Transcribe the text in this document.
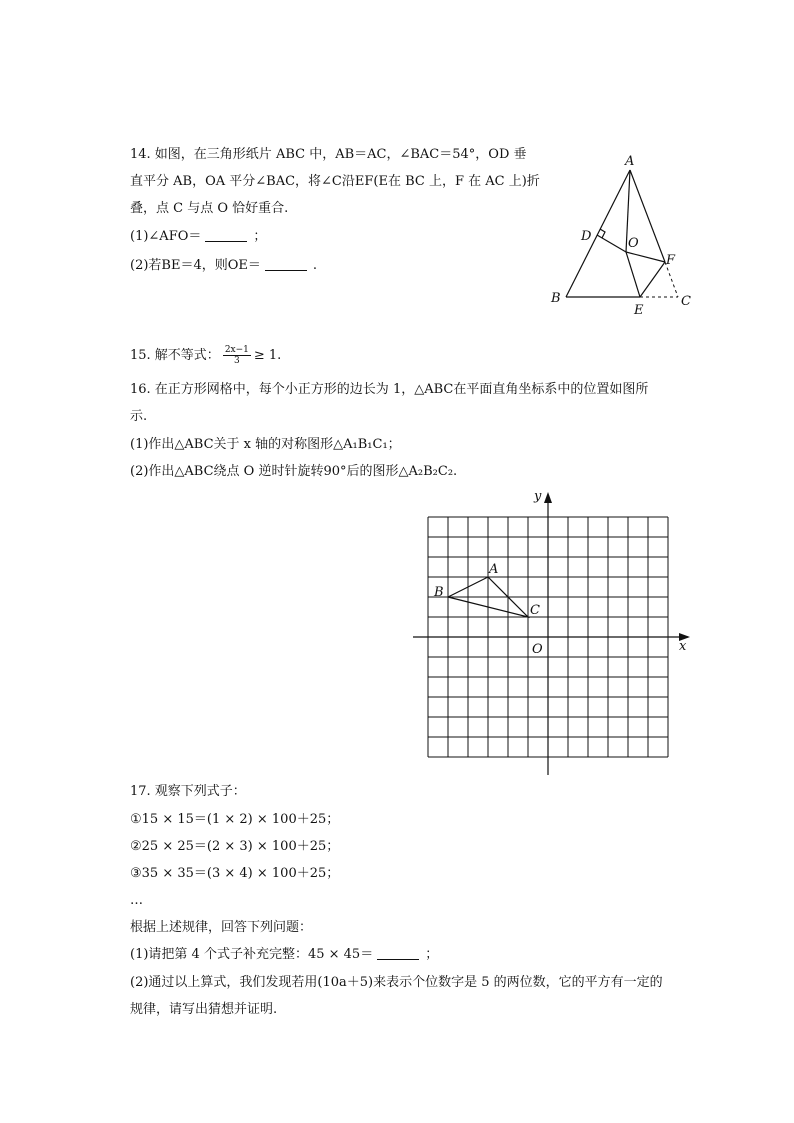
14. 如图，在三角形纸片 ABC 中，AB＝AC，∠BAC＝54°，OD 垂
直平分 AB，OA 平分∠BAC，将∠C沿EF(E在 BC 上，F 在 AC 上)折
叠，点 C 与点 O 恰好重合.
(1)∠AFO＝	；
(2)若BE＝4，则OE＝	.
A
B	C
D
E
F
O
15. 解不等式： $\frac{2x-1}{3} \ge 1$.
16. 在正方形网格中，每个小正方形的边长为 1，△ABC在平面直角坐标系中的位置如图所
示.
(1)作出△ABC关于 x 轴的对称图形△A₁B₁C₁；
(2)作出△ABC绕点 O 逆时针旋转90°后的图形△A₂B₂C₂.
A
B
C
O	x
y
17. 观察下列式子：
①15 × 15＝(1 × 2) × 100＋25；
②25 × 25＝(2 × 3) × 100＋25；
③35 × 35＝(3 × 4) × 100＋25；
…
根据上述规律，回答下列问题：
(1)请把第 4 个式子补充完整：45 × 45＝	；
(2)通过以上算式，我们发现若用(10a＋5)来表示个位数字是 5 的两位数，它的平方有一定的
规律，请写出猜想并证明.
